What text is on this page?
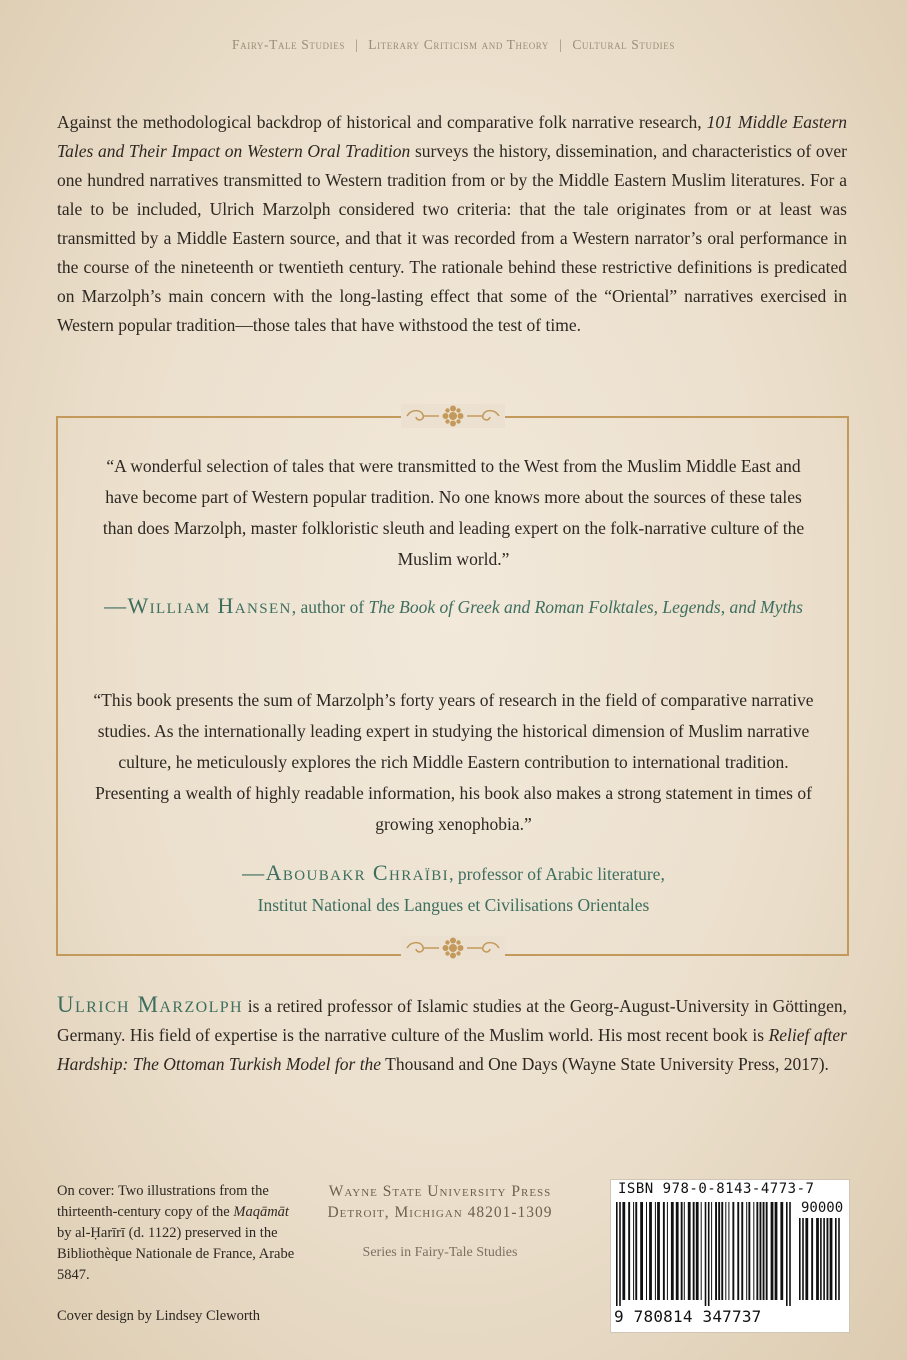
Fairy-Tale Studies | Literary Criticism and Theory | Cultural Studies
Against the methodological backdrop of historical and comparative folk narrative research, 101 Middle Eastern Tales and Their Impact on Western Oral Tradition surveys the history, dissemination, and characteristics of over one hundred narratives transmitted to Western tradition from or by the Middle Eastern Muslim literatures. For a tale to be included, Ulrich Marzolph considered two criteria: that the tale originates from or at least was transmitted by a Middle Eastern source, and that it was recorded from a Western narrator’s oral performance in the course of the nineteenth or twentieth century. The rationale behind these restrictive definitions is predicated on Marzolph’s main concern with the long-lasting effect that some of the “Oriental” narratives exercised in Western popular tradition—those tales that have withstood the test of time.
“A wonderful selection of tales that were transmitted to the West from the Muslim Middle East and have become part of Western popular tradition. No one knows more about the sources of these tales than does Marzolph, master folkloristic sleuth and leading expert on the folk-narrative culture of the Muslim world.”
—William Hansen, author of The Book of Greek and Roman Folktales, Legends, and Myths
“This book presents the sum of Marzolph’s forty years of research in the field of comparative narrative studies. As the internationally leading expert in studying the historical dimension of Muslim narrative culture, he meticulously explores the rich Middle Eastern contribution to international tradition. Presenting a wealth of highly readable information, his book also makes a strong statement in times of growing xenophobia.”
—Aboubakr Chraïbi, professor of Arabic literature,
Institut National des Langues et Civilisations Orientales
Ulrich Marzolph is a retired professor of Islamic studies at the Georg-August-University in Göttingen, Germany. His field of expertise is the narrative culture of the Muslim world. His most recent book is Relief after Hardship: The Ottoman Turkish Model for the Thousand and One Days (Wayne State University Press, 2017).
On cover: Two illustrations from the thirteenth-century copy of the Maqāmāt by al-Ḥarīrī (d. 1122) preserved in the Bibliothèque Nationale de France, Arabe 5847.
Cover design by Lindsey Cleworth
Wayne State University Press
Detroit, Michigan 48201-1309
Series in Fairy-Tale Studies
ISBN 978-0-8143-4773-7
90000
9 780814 347737
